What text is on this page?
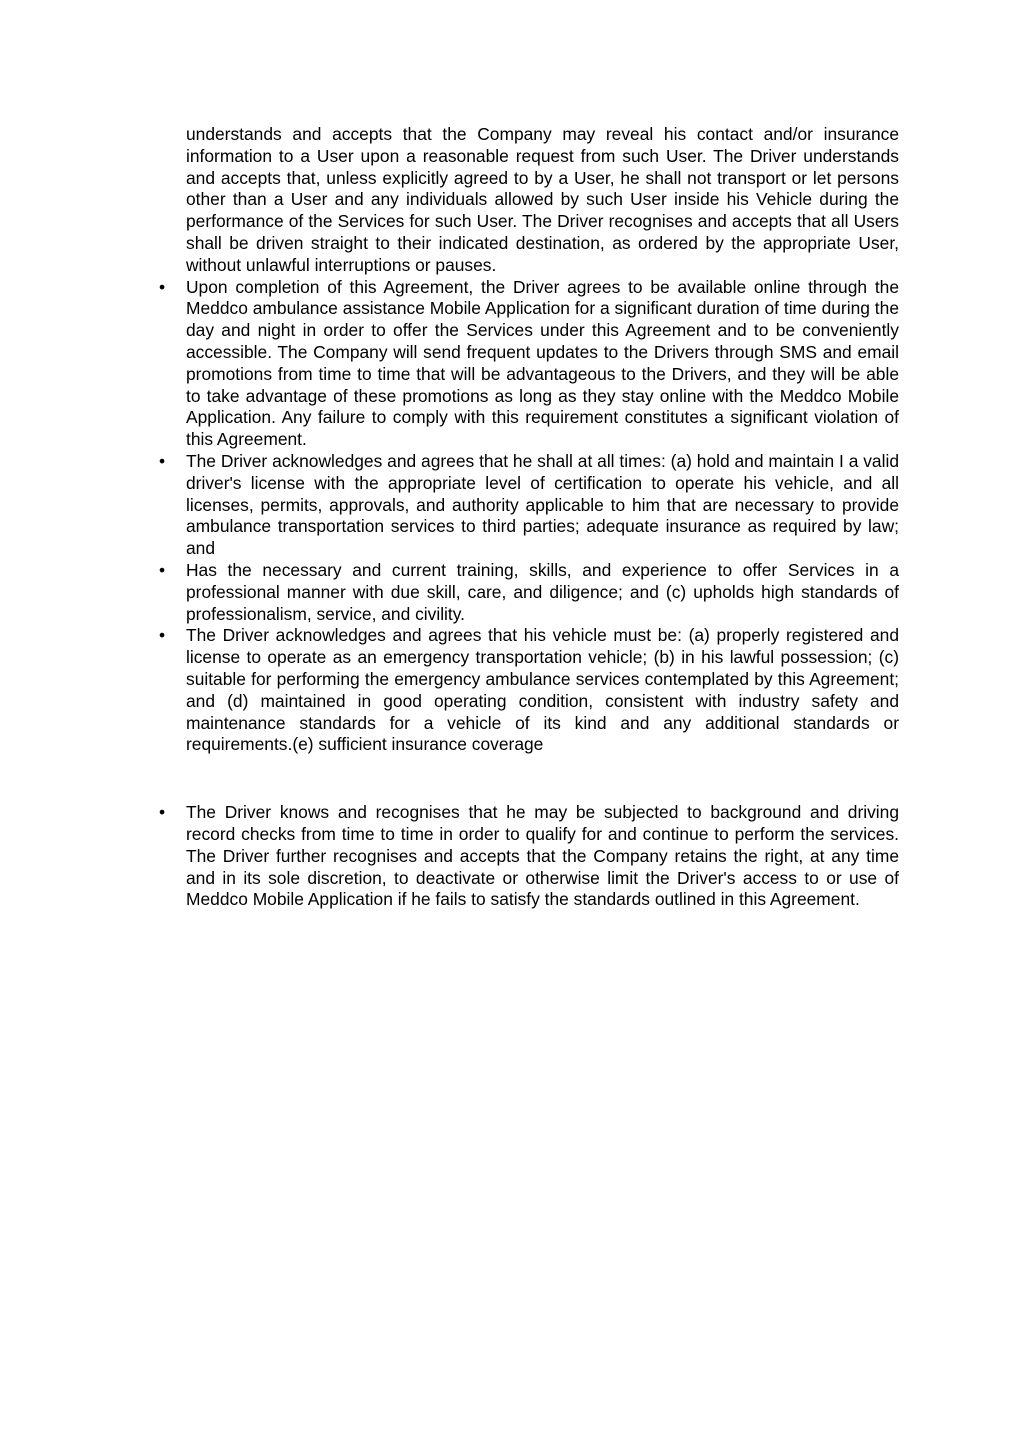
understands and accepts that the Company may reveal his contact and/or insurance information to a User upon a reasonable request from such User. The Driver understands and accepts that, unless explicitly agreed to by a User, he shall not transport or let persons other than a User and any individuals allowed by such User inside his Vehicle during the performance of the Services for such User. The Driver recognises and accepts that all Users shall be driven straight to their indicated destination, as ordered by the appropriate User, without unlawful interruptions or pauses.

• Upon completion of this Agreement, the Driver agrees to be available online through the Meddco ambulance assistance Mobile Application for a significant duration of time during the day and night in order to offer the Services under this Agreement and to be conveniently accessible. The Company will send frequent updates to the Drivers through SMS and email promotions from time to time that will be advantageous to the Drivers, and they will be able to take advantage of these promotions as long as they stay online with the Meddco Mobile Application. Any failure to comply with this requirement constitutes a significant violation of this Agreement.
• The Driver acknowledges and agrees that he shall at all times: (a) hold and maintain I a valid driver's license with the appropriate level of certification to operate his vehicle, and all licenses, permits, approvals, and authority applicable to him that are necessary to provide ambulance transportation services to third parties; adequate insurance as required by law; and
• Has the necessary and current training, skills, and experience to offer Services in a professional manner with due skill, care, and diligence; and (c) upholds high standards of professionalism, service, and civility.
• The Driver acknowledges and agrees that his vehicle must be: (a) properly registered and license to operate as an emergency transportation vehicle; (b) in his lawful possession; (c) suitable for performing the emergency ambulance services contemplated by this Agreement; and (d) maintained in good operating condition, consistent with industry safety and maintenance standards for a vehicle of its kind and any additional standards or requirements.(e) sufficient insurance coverage
• The Driver knows and recognises that he may be subjected to background and driving record checks from time to time in order to qualify for and continue to perform the services. The Driver further recognises and accepts that the Company retains the right, at any time and in its sole discretion, to deactivate or otherwise limit the Driver's access to or use of Meddco Mobile Application if he fails to satisfy the standards outlined in this Agreement.
